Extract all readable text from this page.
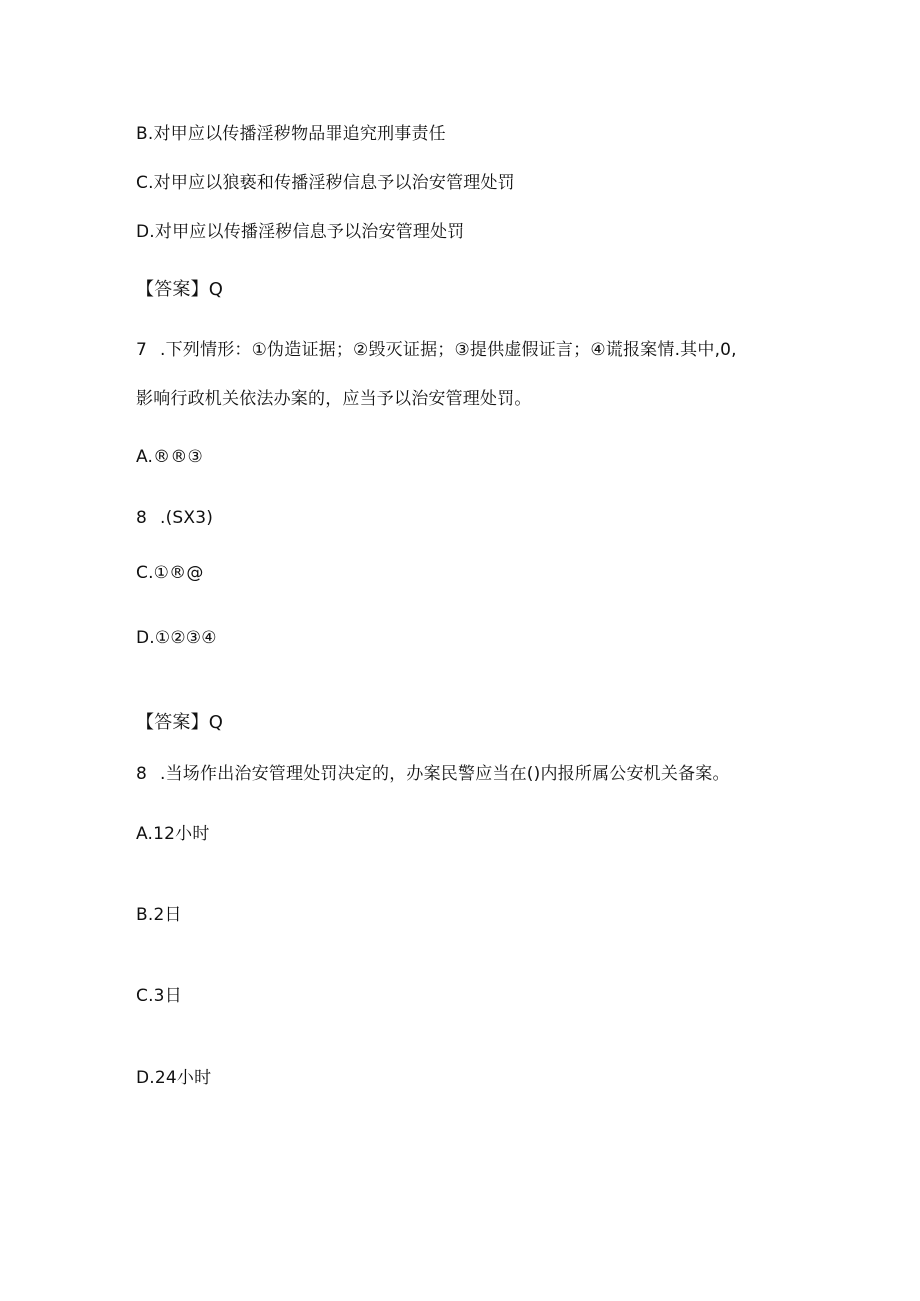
B.对甲应以传播淫秽物品罪追究刑事责任
C.对甲应以狼亵和传播淫秽信息予以治安管理处罚
D.对甲应以传播淫秽信息予以治安管理处罚
【答案】Q
7 .下列情形：①伪造证据；②毁灭证据；③提供虚假证言；④谎报案情.其中,0,
影响行政机关依法办案的，应当予以治安管理处罚。
A.®®③
8 .(SX3)
C.①®@
D.①②③④
【答案】Q
8 .当场作出治安管理处罚决定的，办案民警应当在()内报所属公安机关备案。
A.12小时
B.2日
C.3日
D.24小时
